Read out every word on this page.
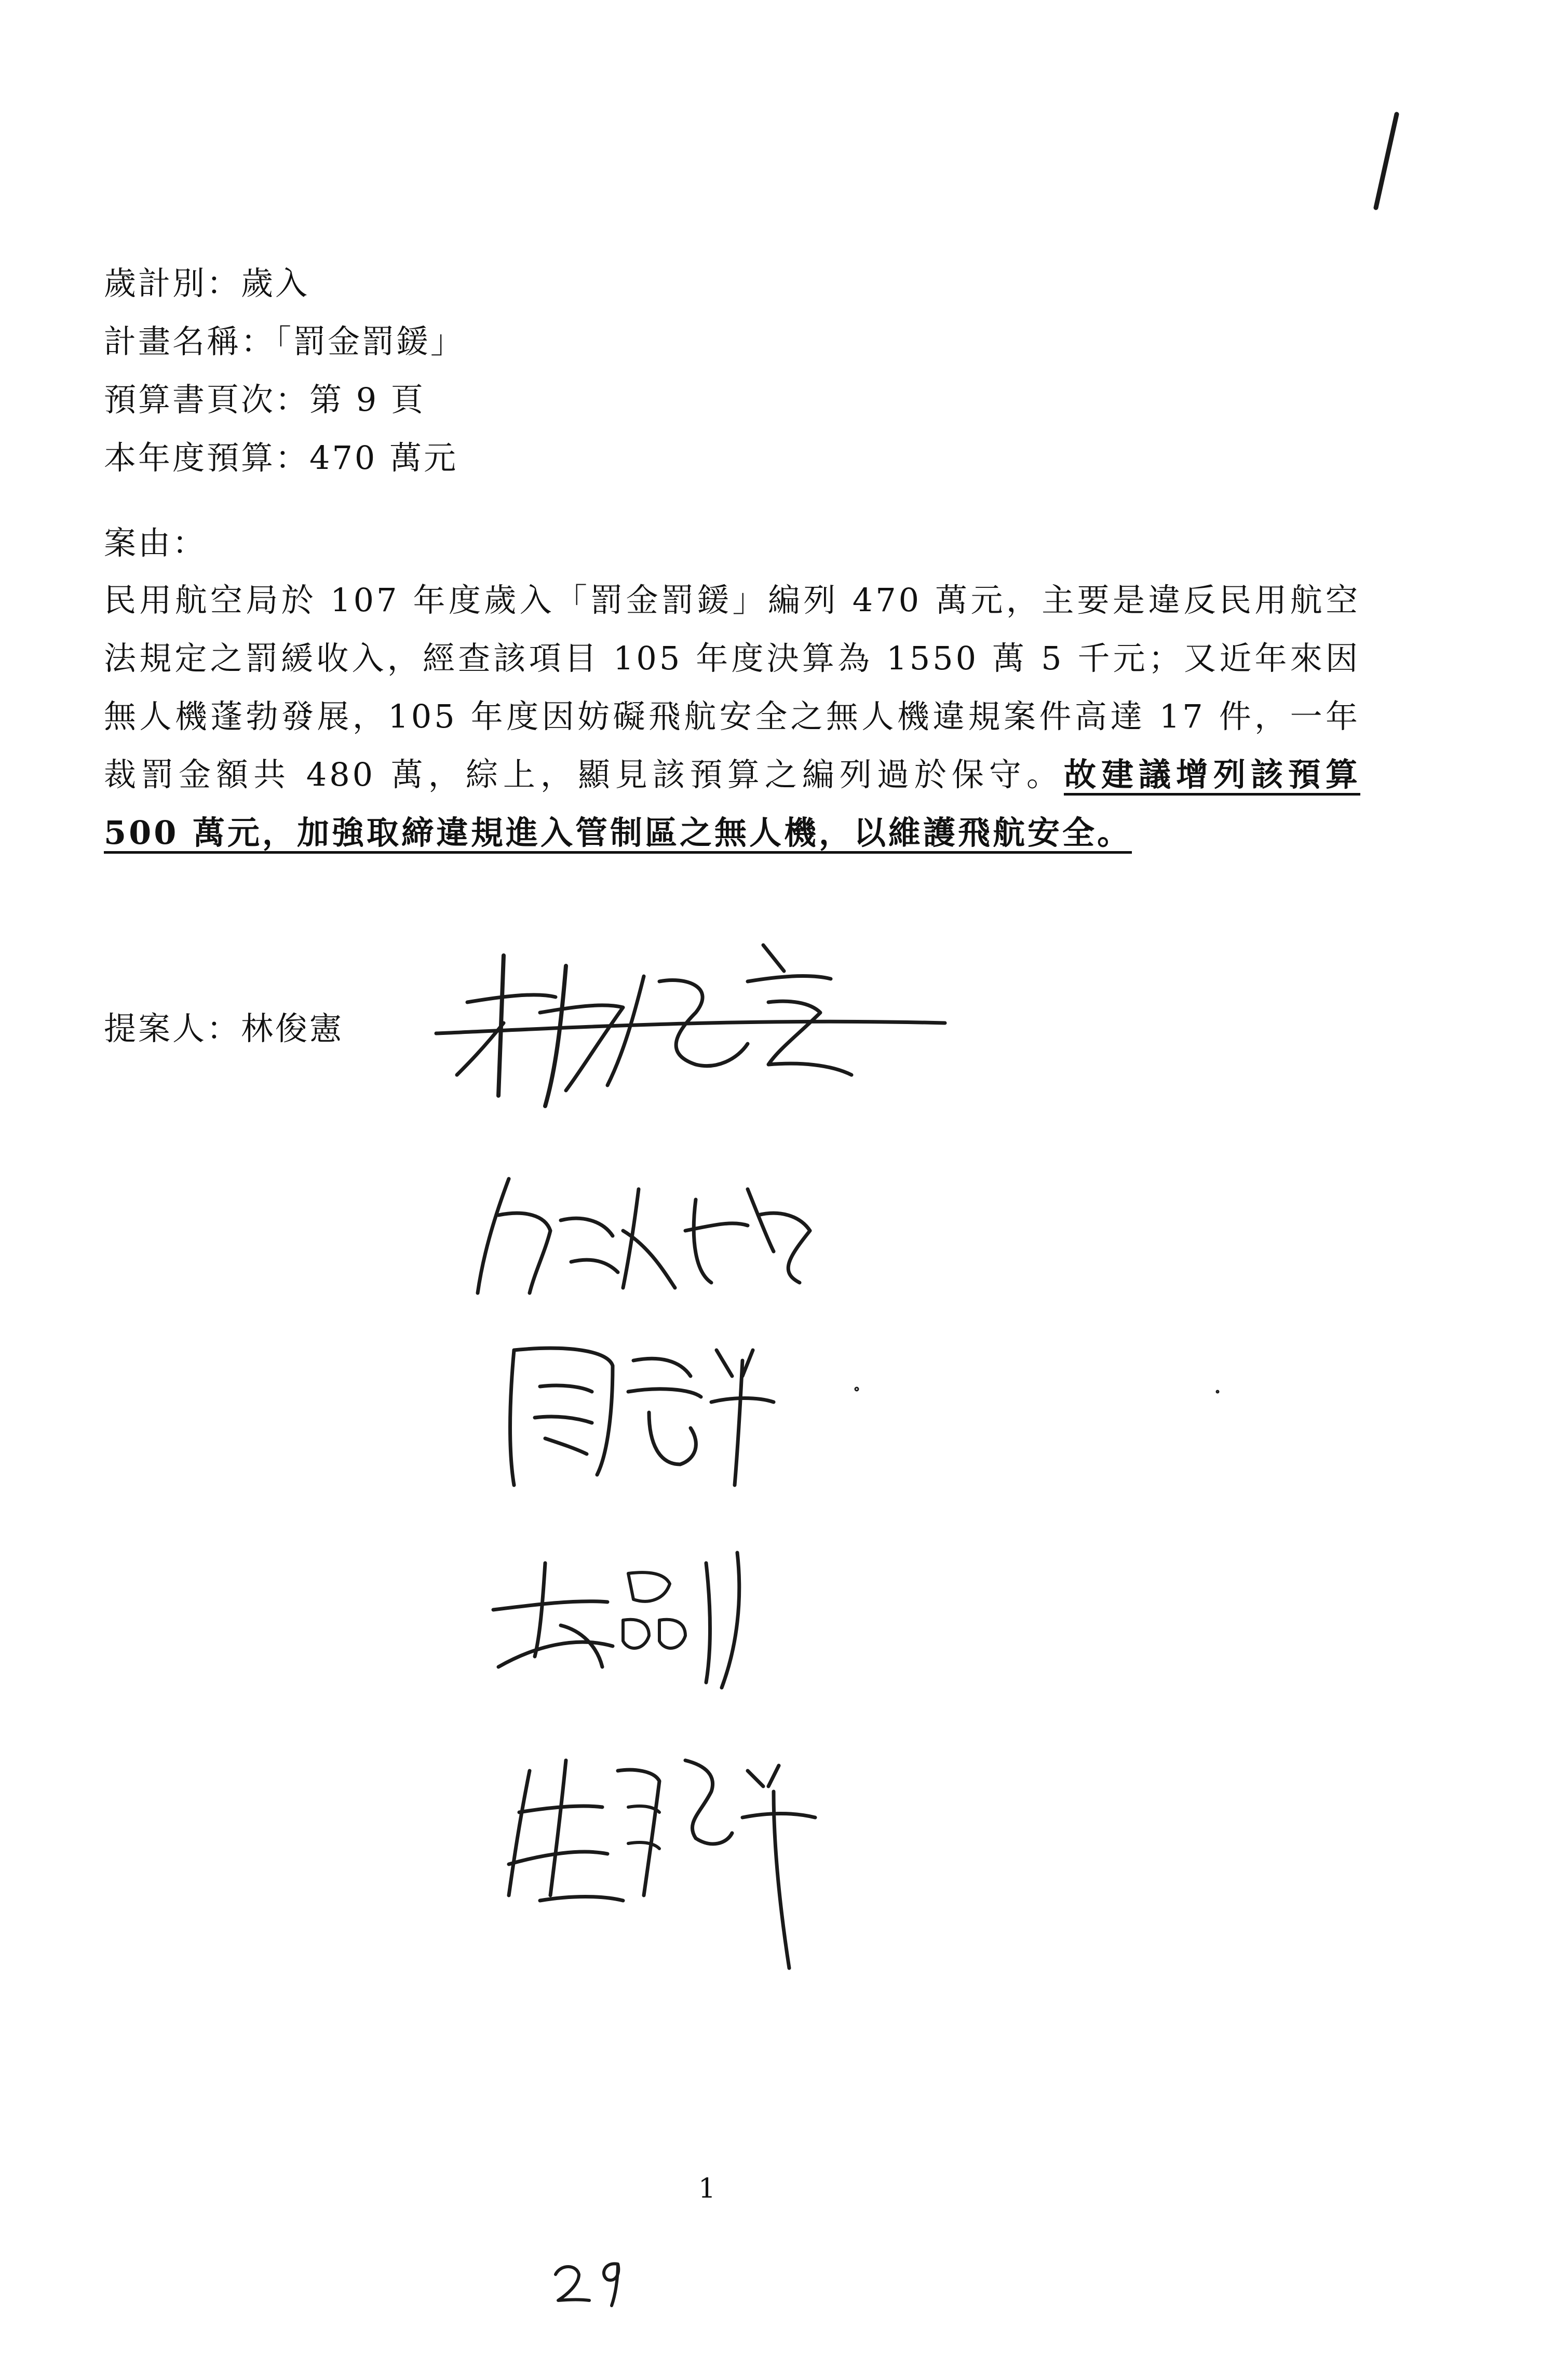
歲計別：歲入
計畫名稱：「罰金罰鍰」
預算書頁次：第 9 頁
本年度預算：470 萬元
案由：
民用航空局於 107 年度歲入「罰金罰鍰」編列 470 萬元，主要是違反民用航空法規定之罰緩收入，經查該項目 105 年度決算為 1550 萬 5 千元；又近年來因無人機蓬勃發展，105 年度因妨礙飛航安全之無人機違規案件高達 17 件，一年裁罰金額共 480 萬，綜上，顯見該預算之編列過於保守。故建議增列該預算 500 萬元，加強取締違規進入管制區之無人機，以維護飛航安全。
提案人：林俊憲
1
